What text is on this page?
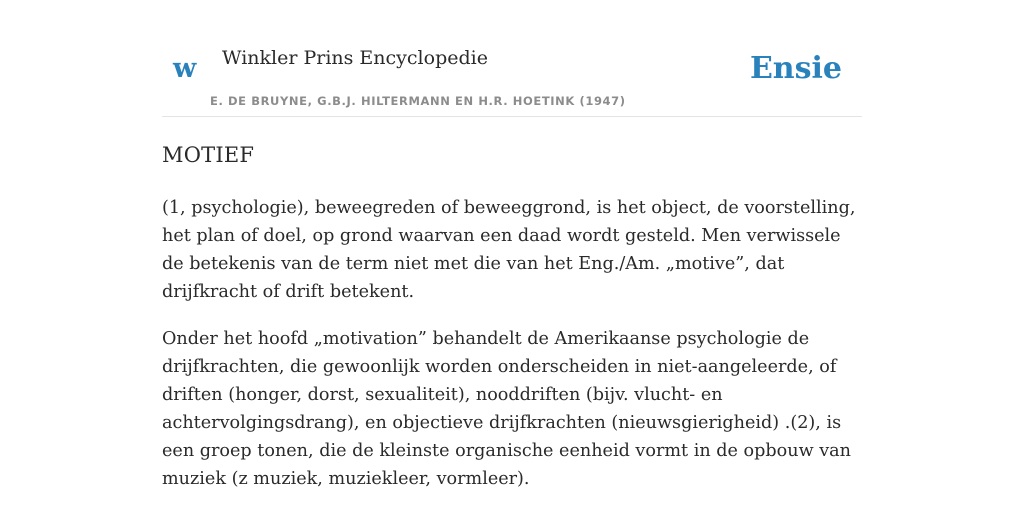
w Winkler Prins Encyclopedie
E. DE BRUYNE, G.B.J. HILTERMANN EN H.R. HOETINK (1947)
Ensie
MOTIEF

(1, psychologie), beweegreden of beweeggrond, is het object, de voorstelling, het plan of doel, op grond waarvan een daad wordt gesteld. Men verwissele de betekenis van de term niet met die van het Eng./Am. „motive”, dat drijfkracht of drift betekent.

Onder het hoofd „motivation” behandelt de Amerikaanse psychologie de drijfkrachten, die gewoonlijk worden onderscheiden in niet-aangeleerde, of driften (honger, dorst, sexualiteit), nooddriften (bijv. vlucht- en achtervolgingsdrang), en objectieve drijfkrachten (nieuwsgierigheid) .(2), is een groep tonen, die de kleinste organische eenheid vormt in de opbouw van muziek (z muziek, muziekleer, vormleer).
